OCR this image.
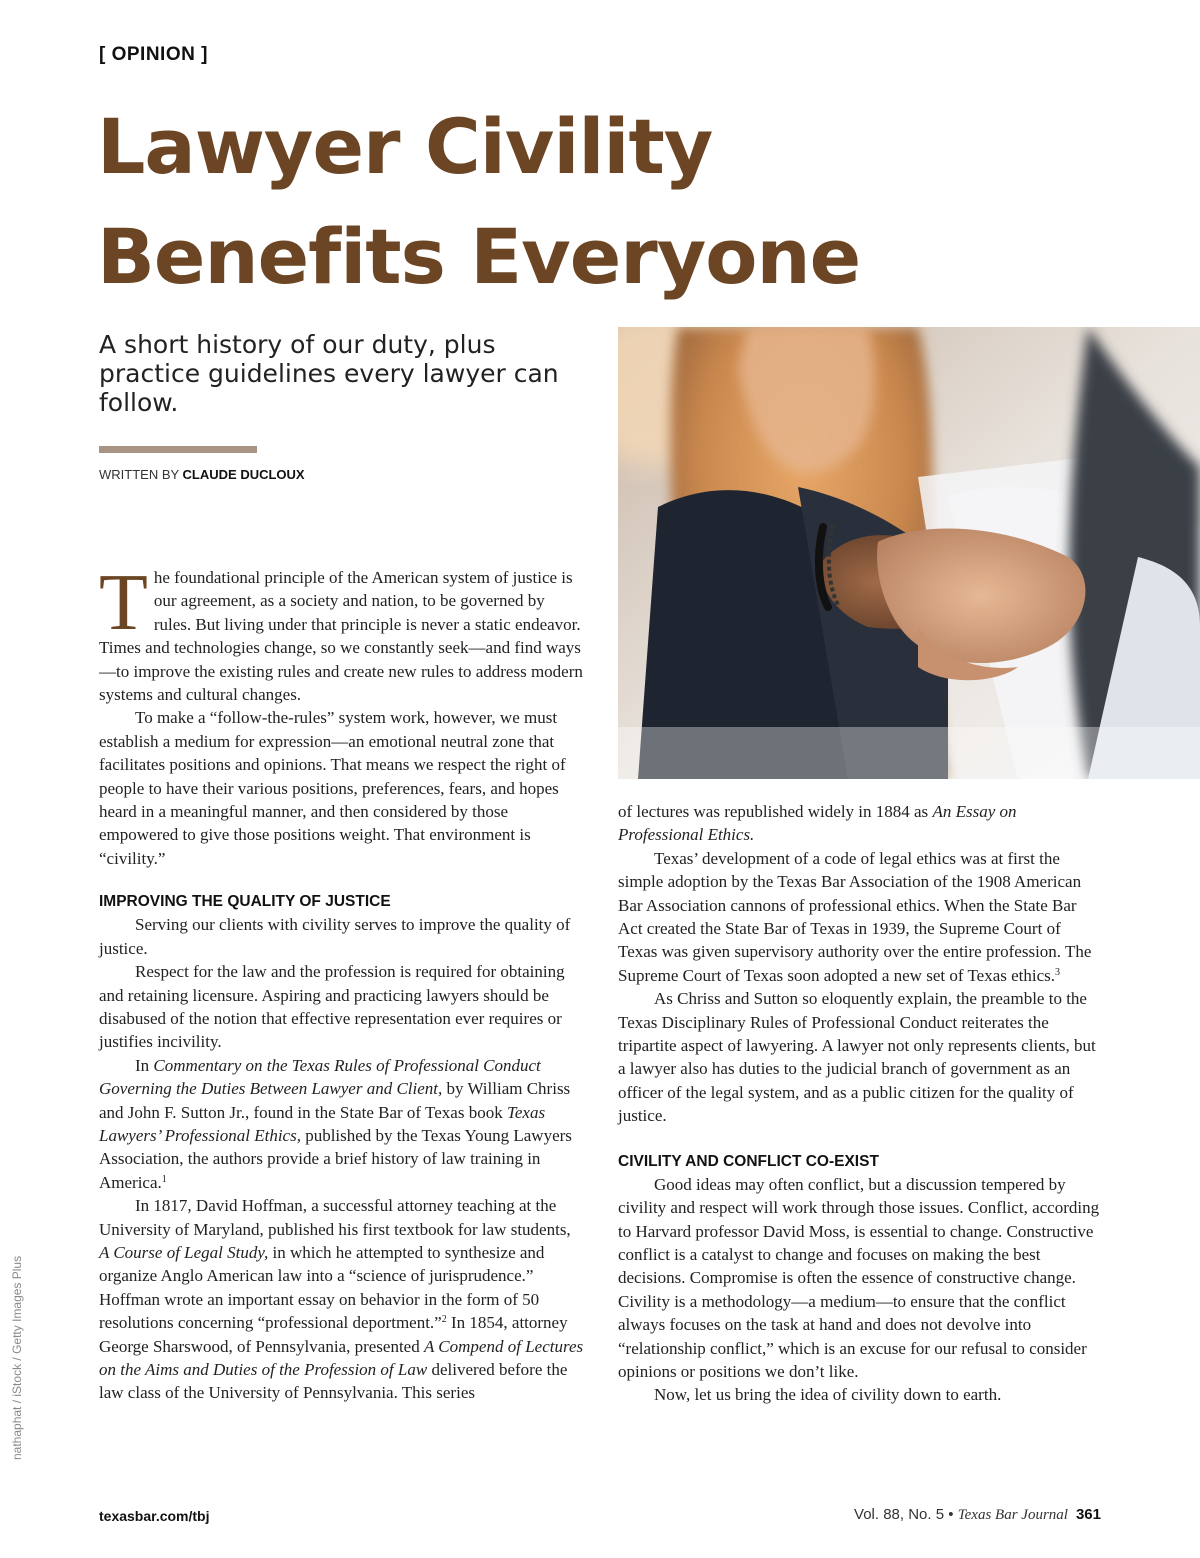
[ OPINION ]
Lawyer Civility
Benefits Everyone
A short history of our duty, plus practice guidelines every lawyer can follow.
WRITTEN BY CLAUDE DUCLOUX
nathaphat / iStock / Getty Images Plus

The foundational principle of the American system of justice is our agreement, as a society and nation, to be governed by rules. But living under that principle is never a static endeavor. Times and technologies change, so we constantly seek—and find ways—to improve the existing rules and create new rules to address modern systems and cultural changes.

To make a “follow-the-rules” system work, however, we must establish a medium for expression—an emotional neutral zone that facilitates positions and opinions. That means we respect the right of people to have their various positions, preferences, fears, and hopes heard in a meaningful manner, and then considered by those empowered to give those positions weight. That environment is “civility.”

IMPROVING THE QUALITY OF JUSTICE

Serving our clients with civility serves to improve the quality of justice.

Respect for the law and the profession is required for obtaining and retaining licensure. Aspiring and practicing lawyers should be disabused of the notion that effective representation ever requires or justifies incivility.

In Commentary on the Texas Rules of Professional Conduct Governing the Duties Between Lawyer and Client, by William Chriss and John F. Sutton Jr., found in the State Bar of Texas book Texas Lawyers’ Professional Ethics, published by the Texas Young Lawyers Association, the authors provide a brief history of law training in America.$^1$

In 1817, David Hoffman, a successful attorney teaching at the University of Maryland, published his first textbook for law students, A Course of Legal Study, in which he attempted to synthesize and organize Anglo American law into a “science of jurisprudence.” Hoffman wrote an important essay on behavior in the form of 50 resolutions concerning “professional deportment.”$^2$ In 1854, attorney George Sharswood, of Pennsylvania, presented A Compend of Lectures on the Aims and Duties of the Profession of Law delivered before the law class of the University of Pennsylvania. This series

of lectures was republished widely in 1884 as An Essay on Professional Ethics.

Texas’ development of a code of legal ethics was at first the simple adoption by the Texas Bar Association of the 1908 American Bar Association cannons of professional ethics. When the State Bar Act created the State Bar of Texas in 1939, the Supreme Court of Texas was given supervisory authority over the entire profession. The Supreme Court of Texas soon adopted a new set of Texas ethics.$^3$

As Chriss and Sutton so eloquently explain, the preamble to the Texas Disciplinary Rules of Professional Conduct reiterates the tripartite aspect of lawyering. A lawyer not only represents clients, but a lawyer also has duties to the judicial branch of government as an officer of the legal system, and as a public citizen for the quality of justice.

CIVILITY AND CONFLICT CO-EXIST

Good ideas may often conflict, but a discussion tempered by civility and respect will work through those issues. Conflict, according to Harvard professor David Moss, is essential to change. Constructive conflict is a catalyst to change and focuses on making the best decisions. Compromise is often the essence of constructive change. Civility is a methodology—a medium—to ensure that the conflict always focuses on the task at hand and does not devolve into “relationship conflict,” which is an excuse for our refusal to consider opinions or positions we don’t like.

Now, let us bring the idea of civility down to earth.

texasbar.com/tbj	Vol. 88, No. 5 • Texas Bar Journal 361
